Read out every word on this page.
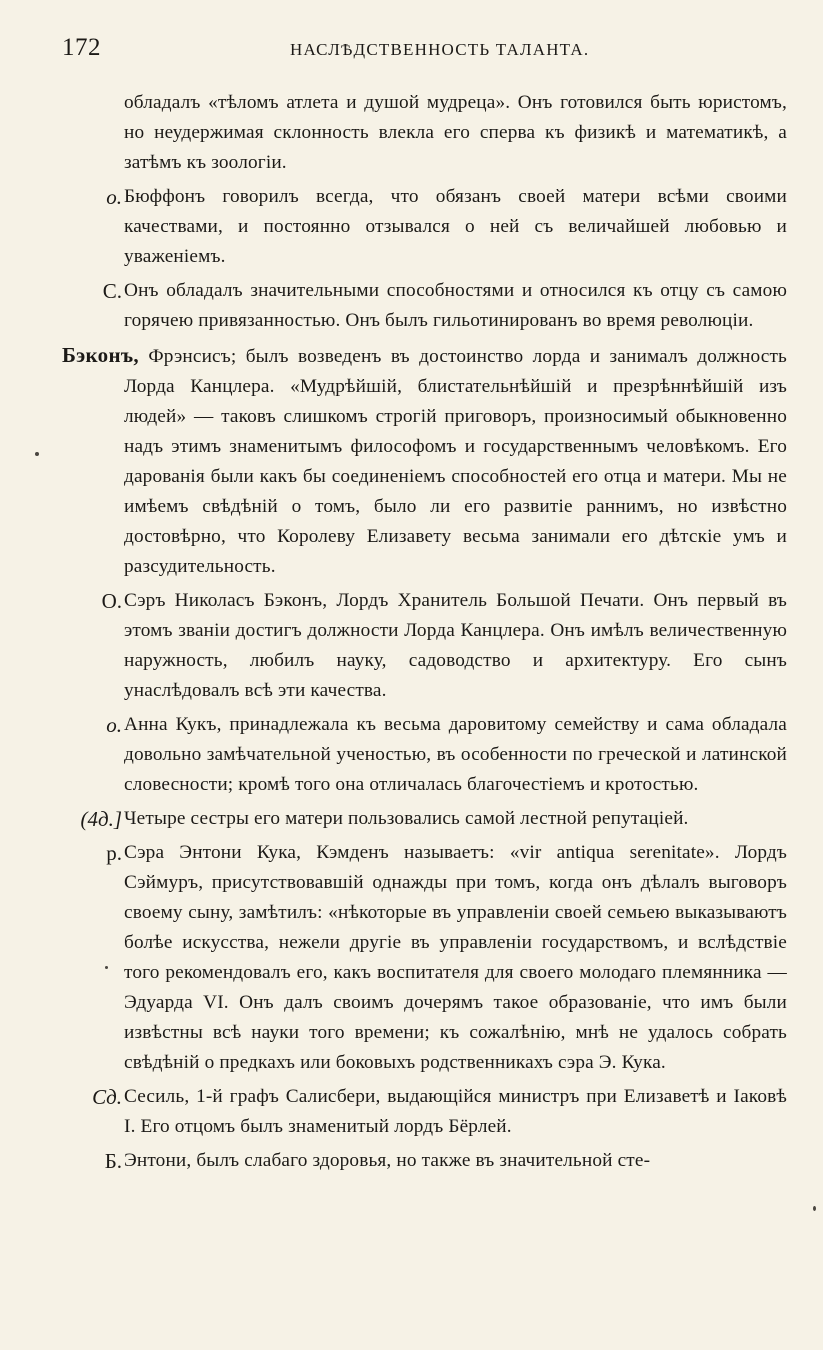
172	НАСЛѢДСТВЕННОСТЬ ТАЛАНТА.
обладалъ «тѣломъ атлета и душой мудреца». Онъ готовился быть юристомъ, но неудержимая склонность влекла его сперва къ физикѣ и математикѣ, а затѣмъ къ зоологіи.
о. Бюффонъ говорилъ всегда, что обязанъ своей матери всѣми своими качествами, и постоянно отзывался о ней съ величайшей любовью и уваженіемъ.
С. Онъ обладалъ значительными способностями и относился къ отцу съ самою горячею привязанностью. Онъ былъ гильотинированъ во время революціи.
Бэконъ, Фрэнсисъ; былъ возведенъ въ достоинство лорда и занималъ должность Лорда Канцлера. «Мудрѣйшій, блистательнѣйшій и презрѣннѣйшій изъ людей» — таковъ слишкомъ строгій приговоръ, произносимый обыкновенно надъ этимъ знаменитымъ философомъ и государственнымъ человѣкомъ. Его дарованія были какъ бы соединеніемъ способностей его отца и матери. Мы не имѣемъ свѣдѣній о томъ, было ли его развитіе раннимъ, но извѣстно достовѣрно, что Королеву Елизавету весьма занимали его дѣтскіе умъ и разсудительность.
О. Сэръ Николасъ Бэконъ, Лордъ Хранитель Большой Печати. Онъ первый въ этомъ званіи достигъ должности Лорда Канцлера. Онъ имѣлъ величественную наружность, любилъ науку, садоводство и архитектуру. Его сынъ унаслѣдовалъ всѣ эти качества.
о. Анна Кукъ, принадлежала къ весьма даровитому семейству и сама обладала довольно замѣчательной ученостью, въ особенности по греческой и латинской словесности; кромѣ того она отличалась благочестіемъ и кротостью.
(4д.] Четыре сестры его матери пользовались самой лестной репутаціей.
р. Сэра Энтони Кука, Кэмденъ называетъ: «vir antiqua serenitate». Лордъ Сэймуръ, присутствовавшій однажды при томъ, когда онъ дѣлалъ выговоръ своему сыну, замѣтилъ: «нѣкоторые въ управленіи своей семьею выказываютъ болѣе искусства, нежели другіе въ управленіи государствомъ, и вслѣдствіе того рекомендовалъ его, какъ воспитателя для своего молодаго племянника — Эдуарда VI. Онъ далъ своимъ дочерямъ такое образованіе, что имъ были извѣстны всѣ науки того времени; къ сожалѣнію, мнѣ не удалось собрать свѣдѣній о предкахъ или боковыхъ родственникахъ сэра Э. Кука.
Сд. Сесиль, 1-й графъ Салисбери, выдающійся министръ при Елизаветѣ и Іаковѣ I. Его отцомъ былъ знаменитый лордъ Бёрлей.
Б. Энтони, былъ слабаго здоровья, но также въ значительной сте-
